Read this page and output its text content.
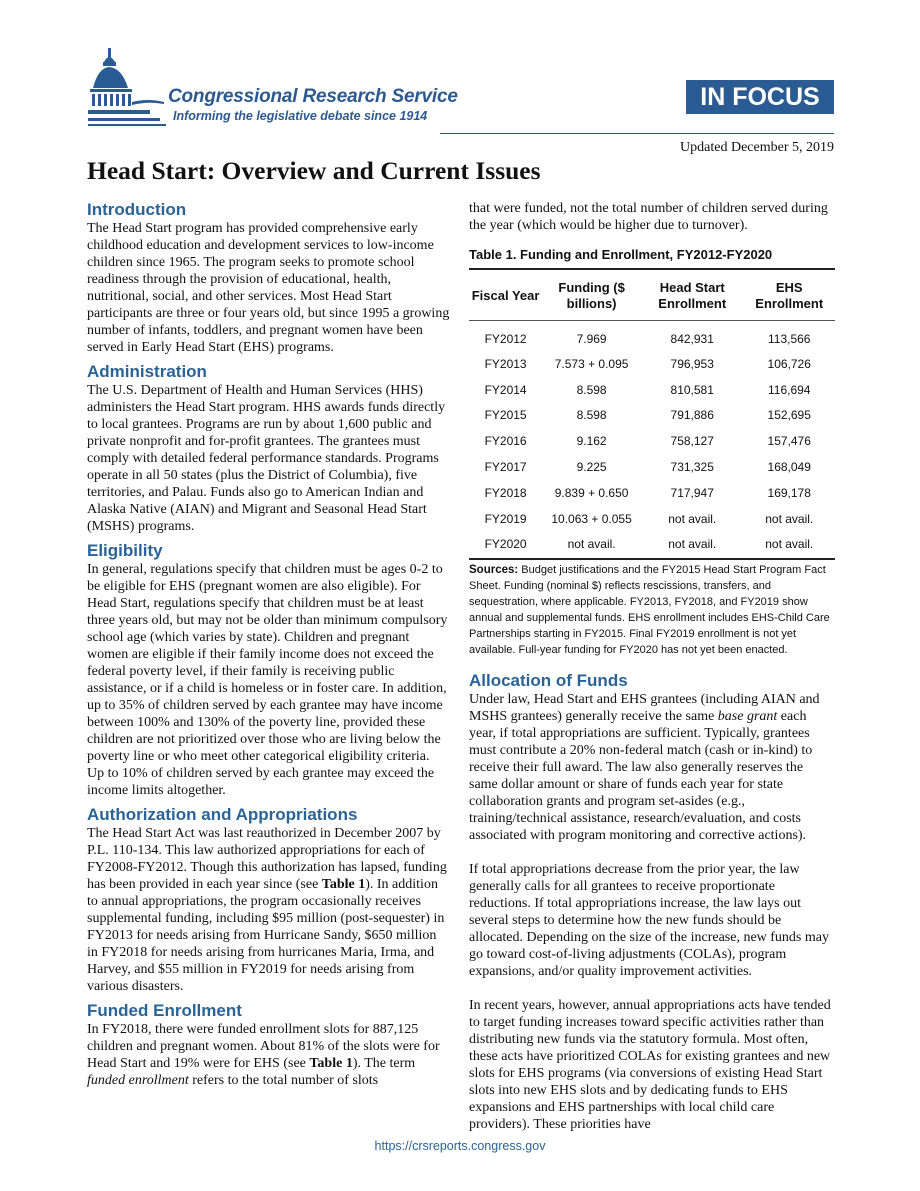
Congressional Research Service
Informing the legislative debate since 1914
IN FOCUS
Updated December 5, 2019
Head Start: Overview and Current Issues
Introduction

The Head Start program has provided comprehensive early childhood education and development services to low-income children since 1965. The program seeks to promote school readiness through the provision of educational, health, nutritional, social, and other services. Most Head Start participants are three or four years old, but since 1995 a growing number of infants, toddlers, and pregnant women have been served in Early Head Start (EHS) programs.

Administration

The U.S. Department of Health and Human Services (HHS) administers the Head Start program. HHS awards funds directly to local grantees. Programs are run by about 1,600 public and private nonprofit and for-profit grantees. The grantees must comply with detailed federal performance standards. Programs operate in all 50 states (plus the District of Columbia), five territories, and Palau. Funds also go to American Indian and Alaska Native (AIAN) and Migrant and Seasonal Head Start (MSHS) programs.

Eligibility

In general, regulations specify that children must be ages 0-2 to be eligible for EHS (pregnant women are also eligible). For Head Start, regulations specify that children must be at least three years old, but may not be older than minimum compulsory school age (which varies by state). Children and pregnant women are eligible if their family income does not exceed the federal poverty level, if their family is receiving public assistance, or if a child is homeless or in foster care. In addition, up to 35% of children served by each grantee may have income between 100% and 130% of the poverty line, provided these children are not prioritized over those who are living below the poverty line or who meet other categorical eligibility criteria. Up to 10% of children served by each grantee may exceed the income limits altogether.

Authorization and Appropriations

The Head Start Act was last reauthorized in December 2007 by P.L. 110-134. This law authorized appropriations for each of FY2008-FY2012. Though this authorization has lapsed, funding has been provided in each year since (see Table 1). In addition to annual appropriations, the program occasionally receives supplemental funding, including $95 million (post-sequester) in FY2013 for needs arising from Hurricane Sandy, $650 million in FY2018 for needs arising from hurricanes Maria, Irma, and Harvey, and $55 million in FY2019 for needs arising from various disasters.

Funded Enrollment

In FY2018, there were funded enrollment slots for 887,125 children and pregnant women. About 81% of the slots were for Head Start and 19% were for EHS (see Table 1). The term funded enrollment refers to the total number of slots

that were funded, not the total number of children served during the year (which would be higher due to turnover).

Table 1. Funding and Enrollment, FY2012-FY2020
Fiscal Year	Funding ($ billions)	Head Start Enrollment	EHS Enrollment
FY2012	7.969	842,931	113,566
FY2013	7.573 + 0.095	796,953	106,726
FY2014	8.598	810,581	116,694
FY2015	8.598	791,886	152,695
FY2016	9.162	758,127	157,476
FY2017	9.225	731,325	168,049
FY2018	9.839 + 0.650	717,947	169,178
FY2019	10.063 + 0.055	not avail.	not avail.
FY2020	not avail.	not avail.	not avail.

Sources: Budget justifications and the FY2015 Head Start Program Fact Sheet. Funding (nominal $) reflects rescissions, transfers, and sequestration, where applicable. FY2013, FY2018, and FY2019 show annual and supplemental funds. EHS enrollment includes EHS-Child Care Partnerships starting in FY2015. Final FY2019 enrollment is not yet available. Full-year funding for FY2020 has not yet been enacted.

Allocation of Funds

Under law, Head Start and EHS grantees (including AIAN and MSHS grantees) generally receive the same base grant each year, if total appropriations are sufficient. Typically, grantees must contribute a 20% non-federal match (cash or in-kind) to receive their full award. The law also generally reserves the same dollar amount or share of funds each year for state collaboration grants and program set-asides (e.g., training/technical assistance, research/evaluation, and costs associated with program monitoring and corrective actions).

If total appropriations decrease from the prior year, the law generally calls for all grantees to receive proportionate reductions. If total appropriations increase, the law lays out several steps to determine how the new funds should be allocated. Depending on the size of the increase, new funds may go toward cost-of-living adjustments (COLAs), program expansions, and/or quality improvement activities.

In recent years, however, annual appropriations acts have tended to target funding increases toward specific activities rather than distributing new funds via the statutory formula. Most often, these acts have prioritized COLAs for existing grantees and new slots for EHS programs (via conversions of existing Head Start slots into new EHS slots and by dedicating funds to EHS expansions and EHS partnerships with local child care providers). These priorities have

https://crsreports.congress.gov
